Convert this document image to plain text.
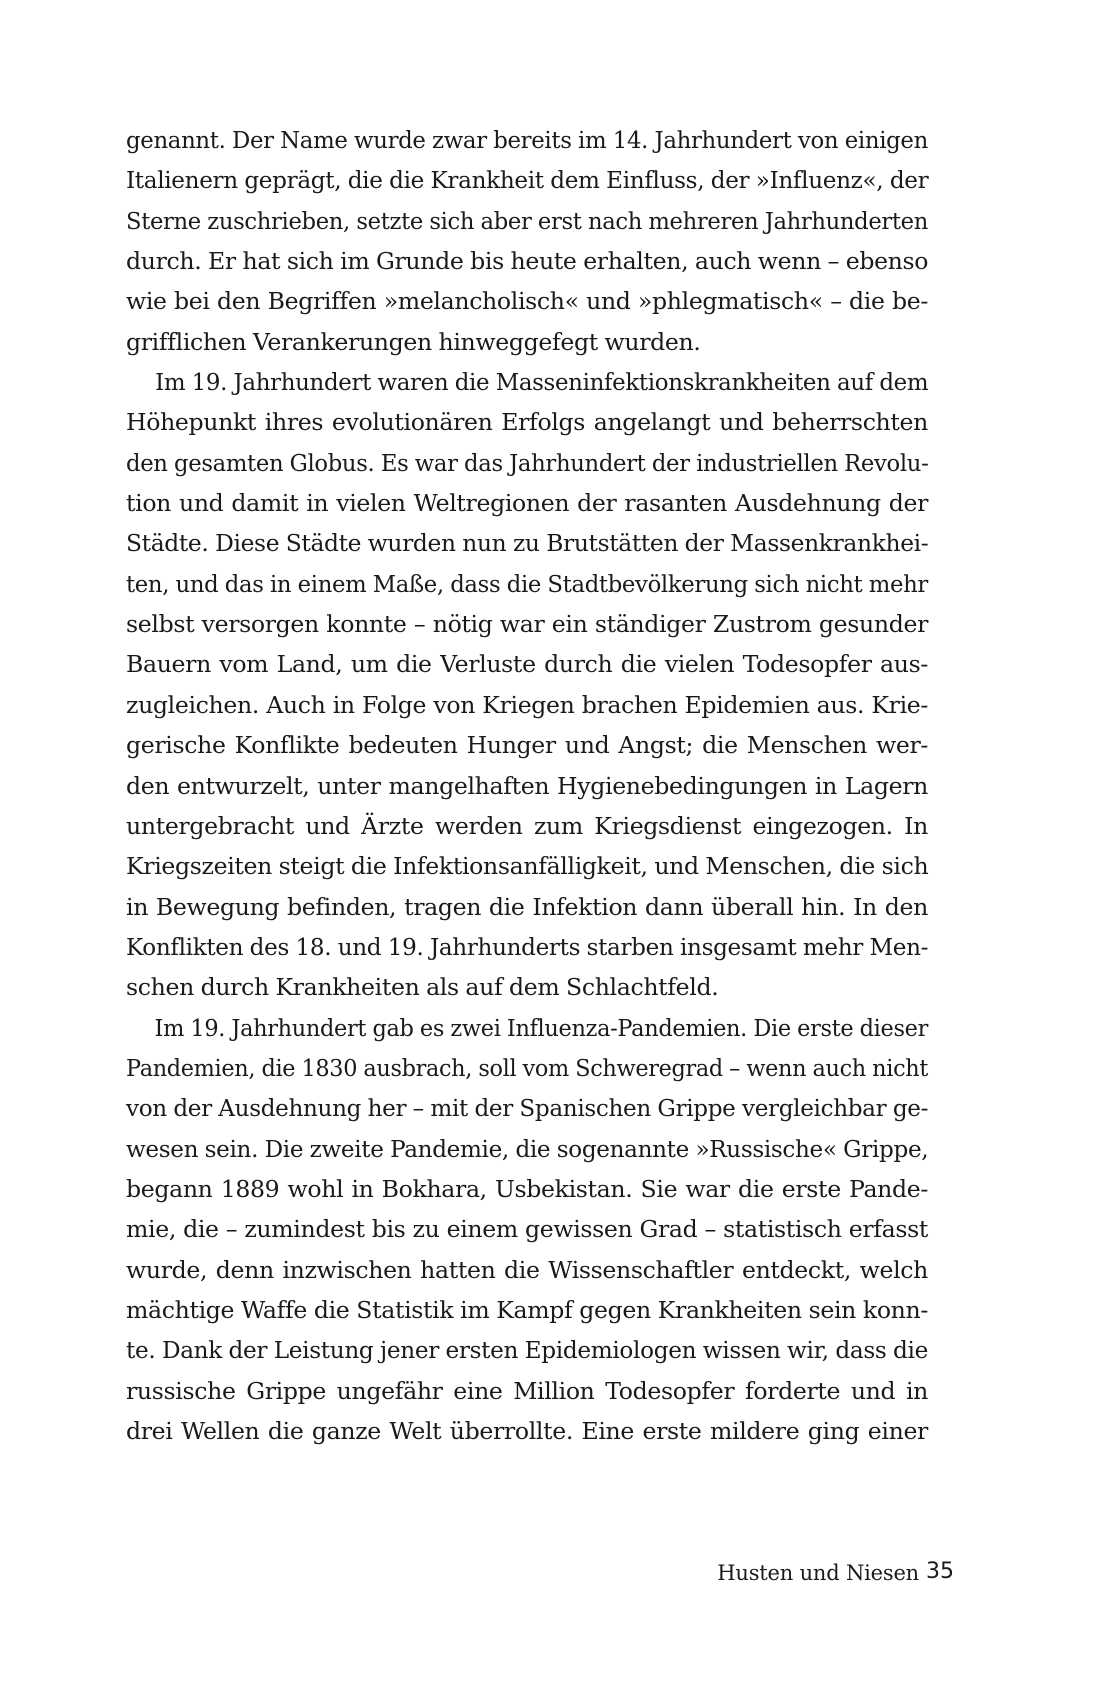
genannt. Der Name wurde zwar bereits im 14. Jahrhundert von einigen
Italienern geprägt, die die Krankheit dem Einfluss, der »Influenz«, der
Sterne zuschrieben, setzte sich aber erst nach mehreren Jahrhunderten
durch. Er hat sich im Grunde bis heute erhalten, auch wenn – ebenso
wie bei den Begriffen »melancholisch« und »phlegmatisch« – die be-
grifflichen Verankerungen hinweggefegt wurden.
Im 19. Jahrhundert waren die Masseninfektionskrankheiten auf dem
Höhepunkt ihres evolutionären Erfolgs angelangt und beherrschten
den gesamten Globus. Es war das Jahrhundert der industriellen Revolu-
tion und damit in vielen Weltregionen der rasanten Ausdehnung der
Städte. Diese Städte wurden nun zu Brutstätten der Massenkrankhei-
ten, und das in einem Maße, dass die Stadtbevölkerung sich nicht mehr
selbst versorgen konnte – nötig war ein ständiger Zustrom gesunder
Bauern vom Land, um die Verluste durch die vielen Todesopfer aus-
zugleichen. Auch in Folge von Kriegen brachen Epidemien aus. Krie-
gerische Konflikte bedeuten Hunger und Angst; die Menschen wer-
den entwurzelt, unter mangelhaften Hygienebedingungen in Lagern
untergebracht und Ärzte werden zum Kriegsdienst eingezogen. In
Kriegszeiten steigt die Infektionsanfälligkeit, und Menschen, die sich
in Bewegung befinden, tragen die Infektion dann überall hin. In den
Konflikten des 18. und 19. Jahrhunderts starben insgesamt mehr Men-
schen durch Krankheiten als auf dem Schlachtfeld.
Im 19. Jahrhundert gab es zwei Influenza-Pandemien. Die erste dieser
Pandemien, die 1830 ausbrach, soll vom Schweregrad – wenn auch nicht
von der Ausdehnung her – mit der Spanischen Grippe vergleichbar ge-
wesen sein. Die zweite Pandemie, die sogenannte »Russische« Grippe,
begann 1889 wohl in Bokhara, Usbekistan. Sie war die erste Pande-
mie, die – zumindest bis zu einem gewissen Grad – statistisch erfasst
wurde, denn inzwischen hatten die Wissenschaftler entdeckt, welch
mächtige Waffe die Statistik im Kampf gegen Krankheiten sein konn-
te. Dank der Leistung jener ersten Epidemiologen wissen wir, dass die
russische Grippe ungefähr eine Million Todesopfer forderte und in
drei Wellen die ganze Welt überrollte. Eine erste mildere ging einer
Husten und Niesen 35
